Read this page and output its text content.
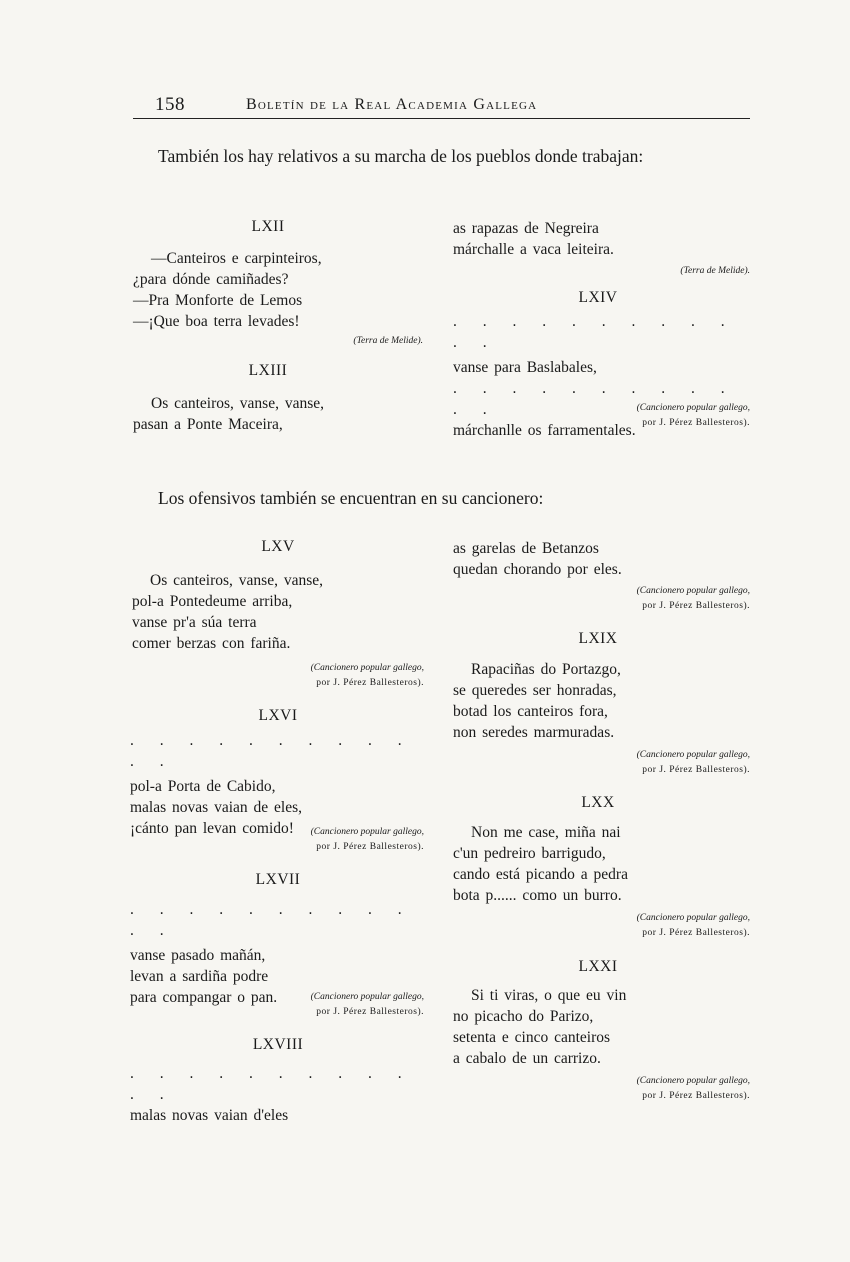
158	Boletín de la Real Academia Gallega
También los hay relativos a su marcha de los pueblos donde trabajan:
LXII
—Canteiros e carpinteiros,
¿para dónde camiñades?
—Pra Monforte de Lemos
—¡Que boa terra levades!
(Terra de Melide).
LXIII
Os canteiros, vanse, vanse,
pasan a Ponte Maceira,
as rapazas de Negreira
márchalle a vaca leiteira.
(Terra de Melide).
LXIV
. . . . . . . . . . . .
vanse para Baslabales,
. . . . . . . . . . . .
márchanlle os farramentales.
(Cancionero popular gallego,
por J. Pérez Ballesteros).
Los ofensivos también se encuentran en su cancionero:
LXV
Os canteiros, vanse, vanse,
pol-a Pontedeume arriba,
vanse pr'a súa terra
comer berzas con fariña.
(Cancionero popular gallego,
por J. Pérez Ballesteros).
LXVI
. . . . . . . . . . . .
pol-a Porta de Cabido,
malas novas vaian de eles,
¡cánto pan levan comido!	(Cancionero popular gallego,
por J. Pérez Ballesteros).
LXVII
. . . . . . . . . . . .
vanse pasado mañán,
levan a sardiña podre
para compangar o pan.	(Cancionero popular gallego,
por J. Pérez Ballesteros).
LXVIII
. . . . . . . . . . . .
malas novas vaian d'eles
as garelas de Betanzos
quedan chorando por eles.
(Cancionero popular gallego,
por J. Pérez Ballesteros).
LXIX
Rapaciñas do Portazgo,
se queredes ser honradas,
botad los canteiros fora,
non seredes marmuradas.
(Cancionero popular gallego,
por J. Pérez Ballesteros).
LXX
Non me case, miña nai
c'un pedreiro barrigudo,
cando está picando a pedra
bota p...... como un burro.
(Cancionero popular gallego,
por J. Pérez Ballesteros).
LXXI
Si ti viras, o que eu vin
no picacho do Parizo,
setenta e cinco canteiros
a cabalo de un carrizo.
(Cancionero popular gallego,
por J. Pérez Ballesteros).
